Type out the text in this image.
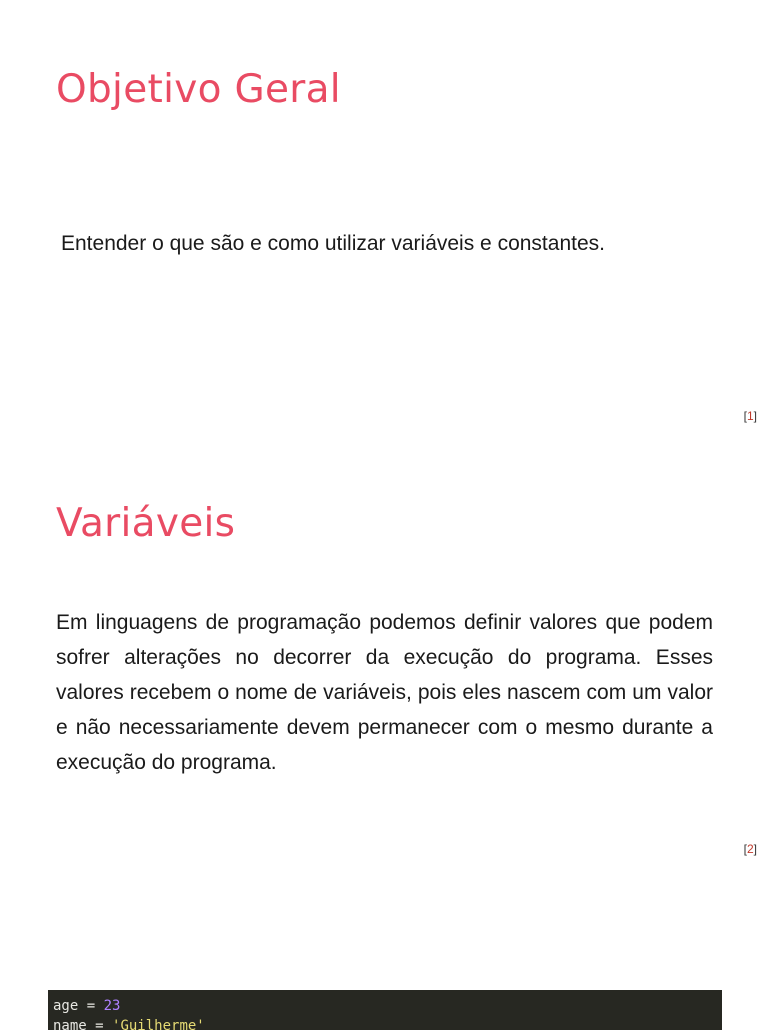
Objetivo Geral

Entender o que são e como utilizar variáveis e constantes.

[1]
Variáveis

Em linguagens de programação podemos definir valores que podem sofrer alterações no decorrer da execução do programa. Esses valores recebem o nome de variáveis, pois eles nascem com um valor e não necessariamente devem permanecer com o mesmo durante a execução do programa.

[2]
age = 23
name = 'Guilherme'
